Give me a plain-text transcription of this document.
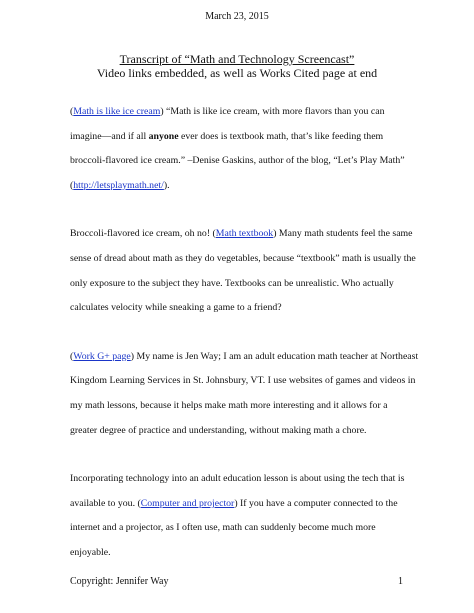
March 23, 2015
Transcript of “Math and Technology Screencast”
Video links embedded, as well as Works Cited page at end
(Math is like ice cream) “Math is like ice cream, with more flavors than you can
imagine—and if all anyone ever does is textbook math, that’s like feeding them
broccoli-flavored ice cream.” –Denise Gaskins, author of the blog, “Let’s Play Math”
(http://letsplaymath.net/).
Broccoli-flavored ice cream, oh no! (Math textbook) Many math students feel the same
sense of dread about math as they do vegetables, because “textbook” math is usually the
only exposure to the subject they have. Textbooks can be unrealistic. Who actually
calculates velocity while sneaking a game to a friend?
(Work G+ page) My name is Jen Way; I am an adult education math teacher at Northeast
Kingdom Learning Services in St. Johnsbury, VT. I use websites of games and videos in
my math lessons, because it helps make math more interesting and it allows for a
greater degree of practice and understanding, without making math a chore.
Incorporating technology into an adult education lesson is about using the tech that is
available to you. (Computer and projector) If you have a computer connected to the
internet and a projector, as I often use, math can suddenly become much more
enjoyable.
Copyright: Jennifer Way	1
